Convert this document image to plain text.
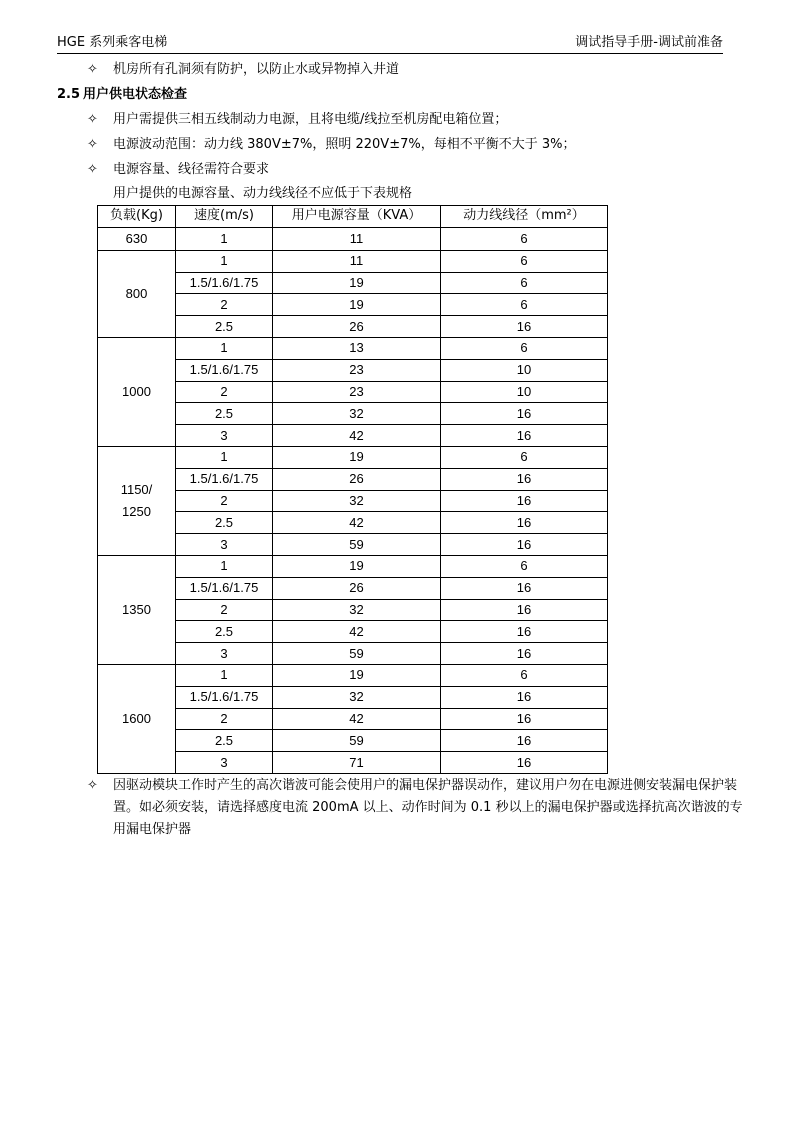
HGE 系列乘客电梯	调试指导手册-调试前准备
✧ 机房所有孔洞须有防护，以防止水或异物掉入井道
2.5 用户供电状态检查
✧ 用户需提供三相五线制动力电源，且将电缆/线拉至机房配电箱位置；
✧ 电源波动范围：动力线 380V±7%，照明 220V±7%，每相不平衡不大于 3%；
✧ 电源容量、线径需符合要求
用户提供的电源容量、动力线线径不应低于下表规格
负载(Kg)	速度(m/s)	用户电源容量（KVA）	动力线线径（mm²）
630	1	11	6
800	1	11	6
	1.5/1.6/1.75	19	6
	2	19	6
	2.5	26	16
1000	1	13	6
	1.5/1.6/1.75	23	10
	2	23	10
	2.5	32	16
	3	42	16
1150/
1250	1	19	6
	1.5/1.6/1.75	26	16
	2	32	16
	2.5	42	16
	3	59	16
1350	1	19	6
	1.5/1.6/1.75	26	16
	2	32	16
	2.5	42	16
	3	59	16
1600	1	19	6
	1.5/1.6/1.75	32	16
	2	42	16
	2.5	59	16
	3	71	16
✧ 因驱动模块工作时产生的高次谐波可能会使用户的漏电保护器误动作，建议用户勿在电源进侧安装漏电保护装置。如必须安装，请选择感度电流 200mA 以上、动作时间为 0.1 秒以上的漏电保护器或选择抗高次谐波的专用漏电保护器
